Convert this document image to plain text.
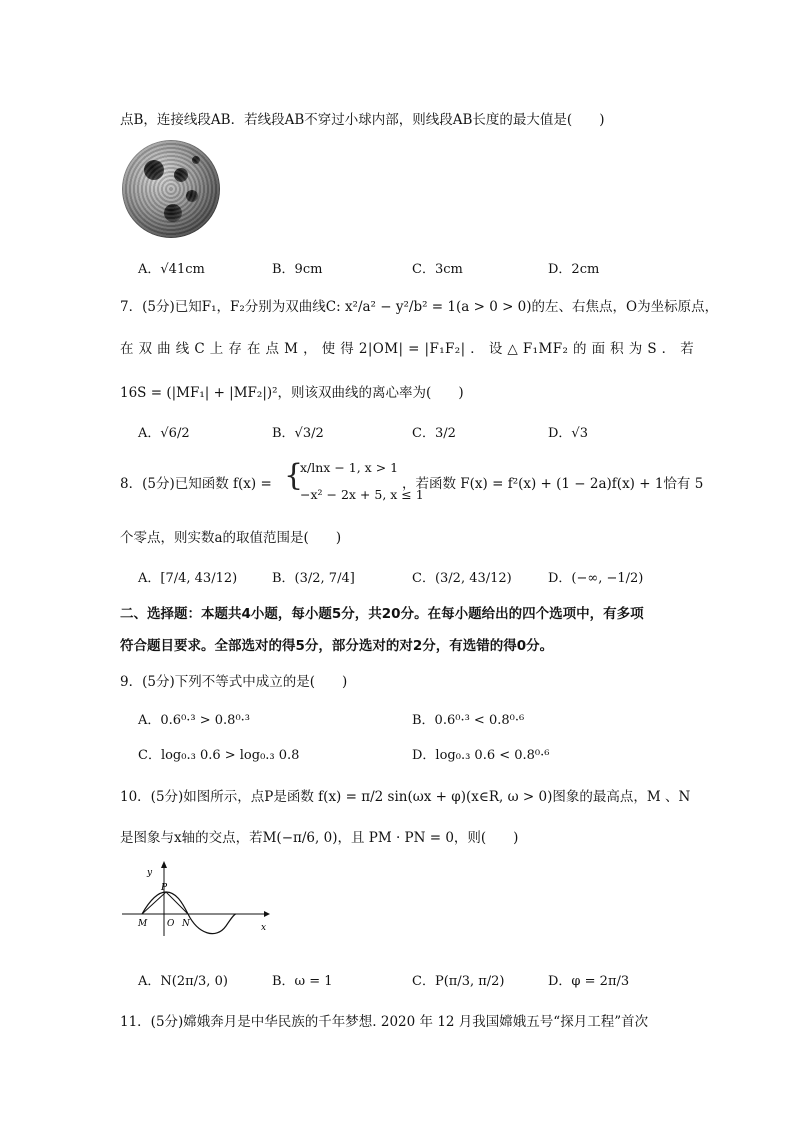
点B，连接线段AB．若线段AB不穿过小球内部，则线段AB长度的最大值是(　　)
A．√41cm	B．9cm	C．3cm	D．2cm
7．(5分)已知F₁，F₂分别为双曲线C: x²/a² − y²/b² = 1(a > 0 > 0)的左、右焦点，O为坐标原点，
在 双 曲 线 C 上 存 在 点 M ， 使 得 2|OM| = |F₁F₂| ． 设 △ F₁MF₂ 的 面 积 为 S ． 若
16S = (|MF₁| + |MF₂|)²，则该双曲线的离心率为(　　)
A．√6/2	B．√3/2	C．3/2	D．√3
8．(5分)已知函数 f(x) = {
x/lnx − 1, x > 1
−x² − 2x + 5, x ≤ 1
，若函数 F(x) = f²(x) + (1 − 2a)f(x) + 1恰有 5
个零点，则实数a的取值范围是(　　)
A．[7/4, 43/12)	B．(3/2, 7/4]	C．(3/2, 43/12)	D．(−∞, −1/2)
二、选择题：本题共4小题，每小题5分，共20分。在每小题给出的四个选项中，有多项
符合题目要求。全部选对的得5分，部分选对的对2分，有选错的得0分。
9．(5分)下列不等式中成立的是(　　)
A．0.6⁰·³ > 0.8⁰·³	B．0.6⁰·³ < 0.8⁰·⁶
C．log₀.₃ 0.6 > log₀.₃ 0.8	D．log₀.₃ 0.6 < 0.8⁰·⁶
10．(5分)如图所示，点P是函数 f(x) = π/2 sin(ωx + φ)(x∈R, ω > 0)图象的最高点，M 、N
是图象与x轴的交点，若M(−π/6, 0)，且 PM · PN = 0，则(　　)
y
x
P
M O N
A．N(2π/3, 0)	B．ω = 1	C．P(π/3, π/2)	D．φ = 2π/3
11．(5分)嫦娥奔月是中华民族的千年梦想. 2020 年 12 月我国嫦娥五号“探月工程”首次
